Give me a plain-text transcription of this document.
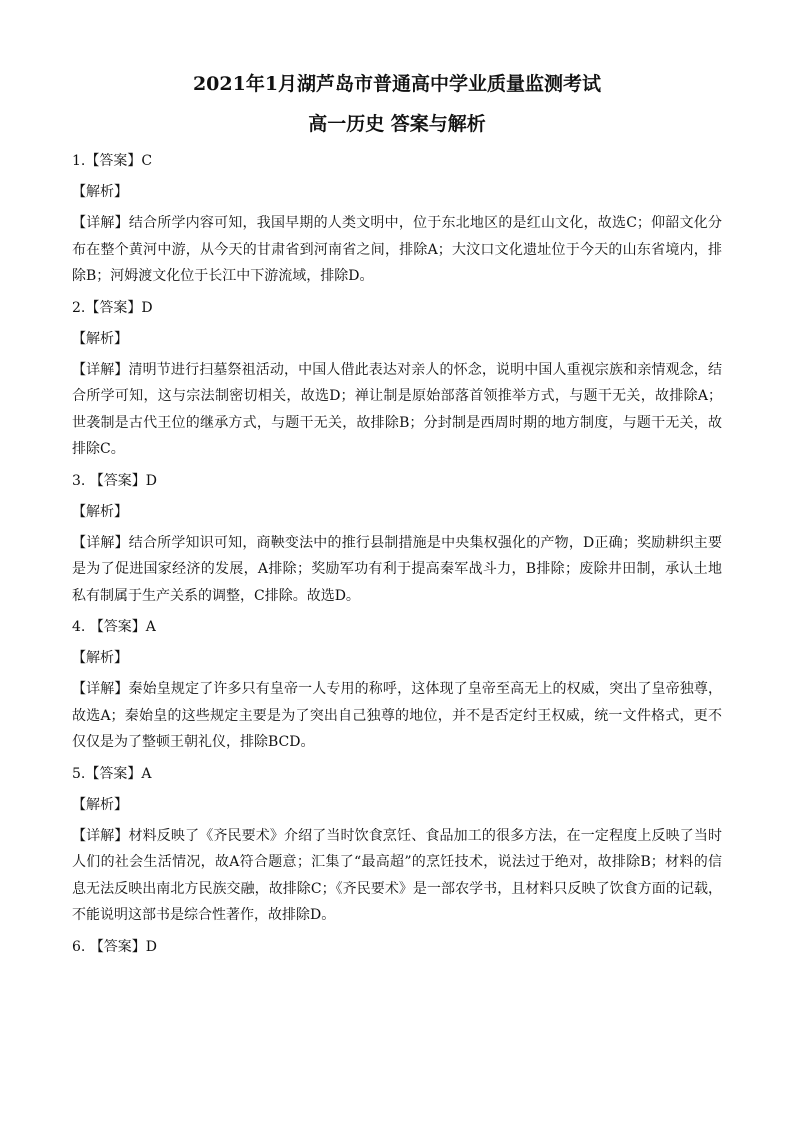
2021年1月湖芦岛市普通高中学业质量监测考试
高一历史 答案与解析

1.【答案】C

【解析】

【详解】结合所学内容可知，我国早期的人类文明中，位于东北地区的是红山文化，故选C；仰韶文化分布在整个黄河中游，从今天的甘肃省到河南省之间，排除A；大汶口文化遗址位于今天的山东省境内，排除B；河姆渡文化位于长江中下游流域，排除D。

2.【答案】D

【解析】

【详解】清明节进行扫墓祭祖活动，中国人借此表达对亲人的怀念，说明中国人重视宗族和亲情观念，结合所学可知，这与宗法制密切相关，故选D；禅让制是原始部落首领推举方式，与题干无关，故排除A；世袭制是古代王位的继承方式，与题干无关，故排除B；分封制是西周时期的地方制度，与题干无关，故排除C。

3. 【答案】D

【解析】

【详解】结合所学知识可知，商鞅变法中的推行县制措施是中央集权强化的产物，D正确；奖励耕织主要是为了促进国家经济的发展，A排除；奖励军功有利于提高秦军战斗力，B排除；废除井田制，承认土地私有制属于生产关系的调整，C排除。故选D。

4. 【答案】A

【解析】

【详解】秦始皇规定了许多只有皇帝一人专用的称呼，这体现了皇帝至高无上的权威，突出了皇帝独尊，故选A；秦始皇的这些规定主要是为了突出自己独尊的地位，并不是否定纣王权威，统一文件格式，更不仅仅是为了整顿王朝礼仪，排除BCD。

5.【答案】A

【解析】

【详解】材料反映了《齐民要术》介绍了当时饮食烹饪、食品加工的很多方法，在一定程度上反映了当时人们的社会生活情况，故A符合题意；汇集了“最高超”的烹饪技术，说法过于绝对，故排除B；材料的信息无法反映出南北方民族交融，故排除C；《齐民要术》是一部农学书，且材料只反映了饮食方面的记载，不能说明这部书是综合性著作，故排除D。

6. 【答案】D
